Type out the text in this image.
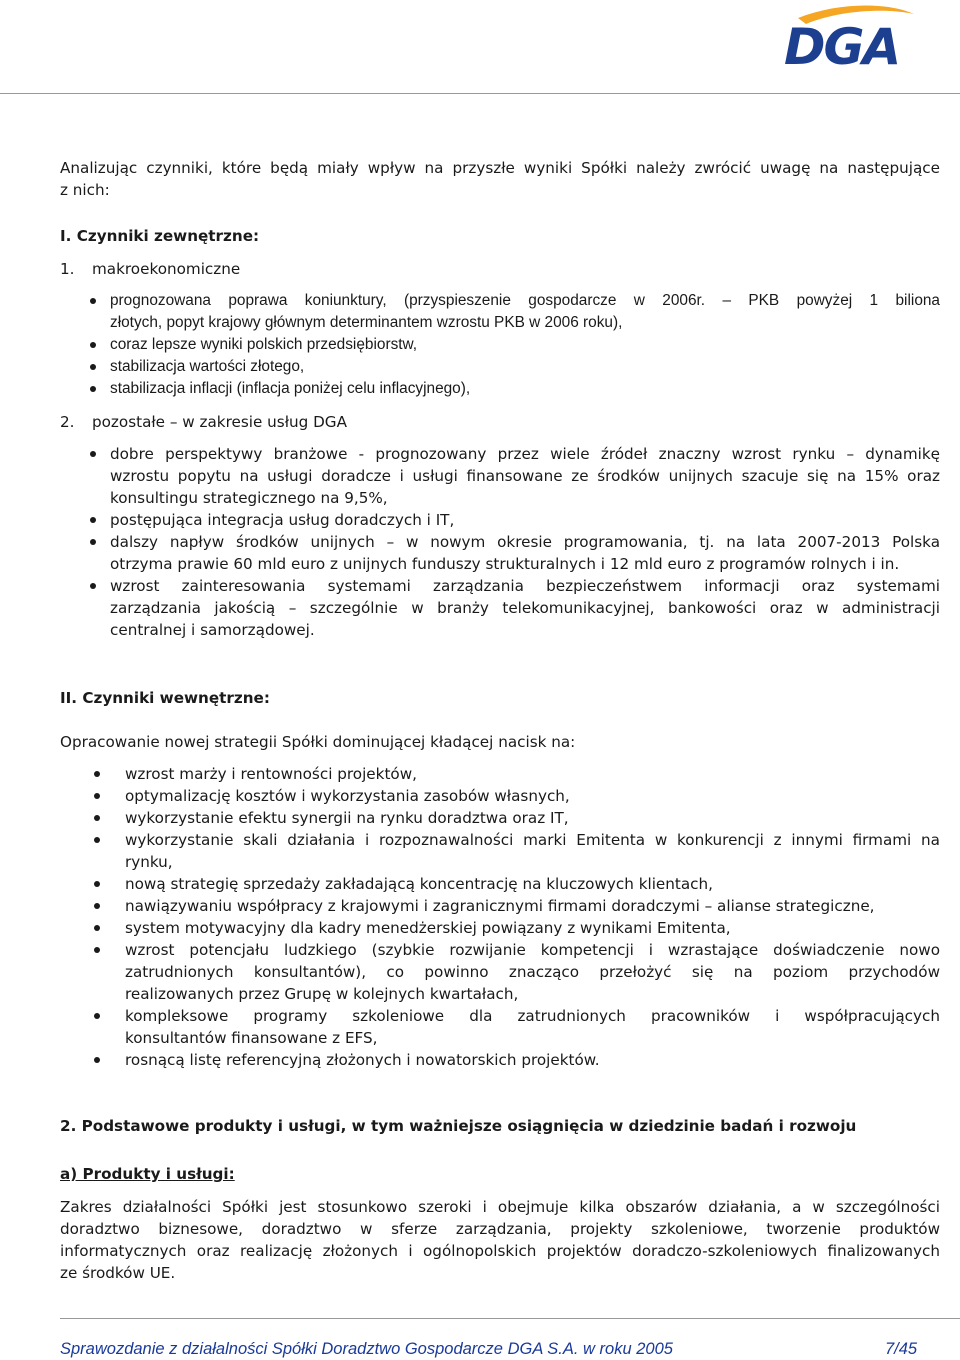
DGA
Analizując czynniki, które będą miały wpływ na przyszłe wyniki Spółki należy zwrócić uwagę na następujące
z nich:
I. Czynniki zewnętrzne:
1. makroekonomiczne
prognozowana poprawa koniunktury, (przyspieszenie gospodarcze w 2006r. – PKB powyżej 1 biliona
złotych, popyt krajowy głównym determinantem wzrostu PKB w 2006 roku),
coraz lepsze wyniki polskich przedsiębiorstw,
stabilizacja wartości złotego,
stabilizacja inflacji (inflacja poniżej celu inflacyjnego),
2. pozostałe – w zakresie usług DGA
dobre perspektywy branżowe - prognozowany przez wiele źródeł znaczny wzrost rynku – dynamikę
wzrostu popytu na usługi doradcze i usługi finansowane ze środków unijnych szacuje się na 15% oraz
konsultingu strategicznego na 9,5%,
postępująca integracja usług doradczych i IT,
dalszy napływ środków unijnych – w nowym okresie programowania, tj. na lata 2007-2013 Polska
otrzyma prawie 60 mld euro z unijnych funduszy strukturalnych i 12 mld euro z programów rolnych i in.
wzrost zainteresowania systemami zarządzania bezpieczeństwem informacji oraz systemami
zarządzania jakością – szczególnie w branży telekomunikacyjnej, bankowości oraz w administracji
centralnej i samorządowej.
II. Czynniki wewnętrzne:
Opracowanie nowej strategii Spółki dominującej kładącej nacisk na:
wzrost marży i rentowności projektów,
optymalizację kosztów i wykorzystania zasobów własnych,
wykorzystanie efektu synergii na rynku doradztwa oraz IT,
wykorzystanie skali działania i rozpoznawalności marki Emitenta w konkurencji z innymi firmami na
rynku,
nową strategię sprzedaży zakładającą koncentrację na kluczowych klientach,
nawiązywaniu współpracy z krajowymi i zagranicznymi firmami doradczymi – alianse strategiczne,
system motywacyjny dla kadry menedżerskiej powiązany z wynikami Emitenta,
wzrost potencjału ludzkiego (szybkie rozwijanie kompetencji i wzrastające doświadczenie nowo
zatrudnionych konsultantów), co powinno znacząco przełożyć się na poziom przychodów
realizowanych przez Grupę w kolejnych kwartałach,
kompleksowe programy szkoleniowe dla zatrudnionych pracowników i współpracujących
konsultantów finansowane z EFS,
rosnącą listę referencyjną złożonych i nowatorskich projektów.
2. Podstawowe produkty i usługi, w tym ważniejsze osiągnięcia w dziedzinie badań i rozwoju
a) Produkty i usługi:
Zakres działalności Spółki jest stosunkowo szeroki i obejmuje kilka obszarów działania, a w szczególności
doradztwo biznesowe, doradztwo w sferze zarządzania, projekty szkoleniowe, tworzenie produktów
informatycznych oraz realizację złożonych i ogólnopolskich projektów doradczo-szkoleniowych finalizowanych
ze środków UE.
Sprawozdanie z działalności Spółki Doradztwo Gospodarcze DGA S.A. w roku 2005	7/45
